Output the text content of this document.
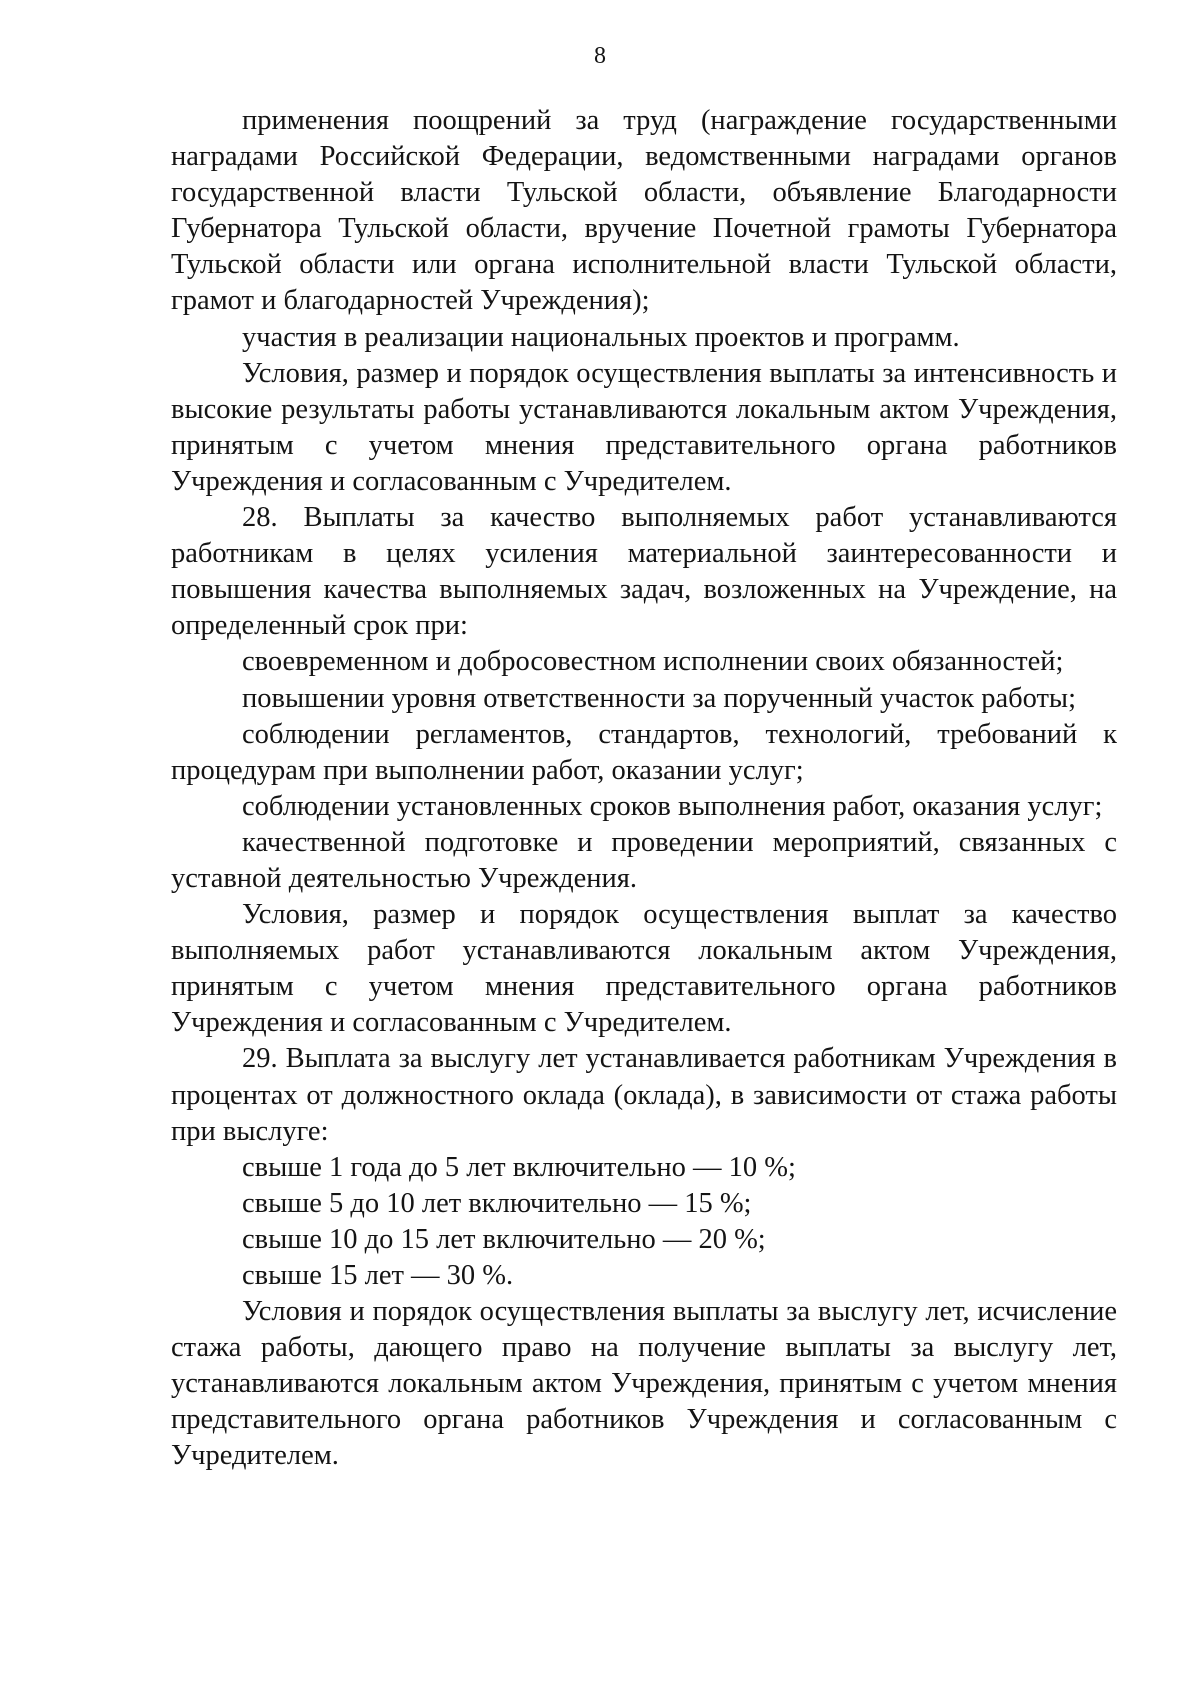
8

применения поощрений за труд (награждение государственными наградами Российской Федерации, ведомственными наградами органов государственной власти Тульской области, объявление Благодарности Губернатора Тульской области, вручение Почетной грамоты Губернатора Тульской области или органа исполнительной власти Тульской области, грамот и благодарностей Учреждения);

участия в реализации национальных проектов и программ.

Условия, размер и порядок осуществления выплаты за интенсивность и высокие результаты работы устанавливаются локальным актом Учреждения, принятым с учетом мнения представительного органа работников Учреждения и согласованным с Учредителем.

28. Выплаты за качество выполняемых работ устанавливаются работникам в целях усиления материальной заинтересованности и повышения качества выполняемых задач, возложенных на Учреждение, на определенный срок при:

своевременном и добросовестном исполнении своих обязанностей;

повышении уровня ответственности за порученный участок работы;

соблюдении регламентов, стандартов, технологий, требований к процедурам при выполнении работ, оказании услуг;

соблюдении установленных сроков выполнения работ, оказания услуг;

качественной подготовке и проведении мероприятий, связанных с уставной деятельностью Учреждения.

Условия, размер и порядок осуществления выплат за качество выполняемых работ устанавливаются локальным актом Учреждения, принятым с учетом мнения представительного органа работников Учреждения и согласованным с Учредителем.

29. Выплата за выслугу лет устанавливается работникам Учреждения в процентах от должностного оклада (оклада), в зависимости от стажа работы при выслуге:

свыше 1 года до 5 лет включительно — 10 %;

свыше 5 до 10 лет включительно — 15 %;

свыше 10 до 15 лет включительно — 20 %;

свыше 15 лет — 30 %.

Условия и порядок осуществления выплаты за выслугу лет, исчисление стажа работы, дающего право на получение выплаты за выслугу лет, устанавливаются локальным актом Учреждения, принятым с учетом мнения представительного органа работников Учреждения и согласованным с Учредителем.
